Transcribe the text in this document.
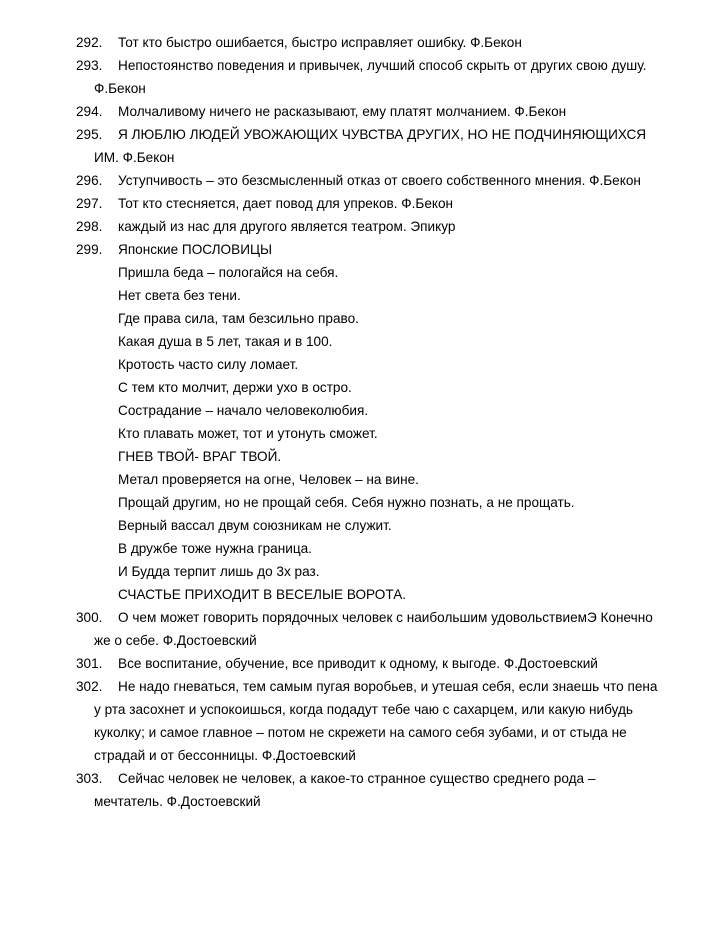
292. Тот кто быстро ошибается, быстро исправляет ошибку. Ф.Бекон
293. Непостоянство поведения и привычек, лучший способ скрыть от других свою душу.
Ф.Бекон
294. Молчаливому ничего не расказывают, ему платят молчанием. Ф.Бекон
295. Я ЛЮБЛЮ ЛЮДЕЙ УВОЖАЮЩИХ ЧУВСТВА ДРУГИХ, НО НЕ ПОДЧИНЯЮЩИХСЯ
ИМ. Ф.Бекон
296. Уступчивость – это безсмысленный отказ от своего собственного мнения. Ф.Бекон
297. Тот кто стесняется, дает повод для упреков. Ф.Бекон
298. каждый из нас для другого является театром. Эпикур
299. Японские ПОСЛОВИЦЫ
Пришла беда – пологайся на себя.
Нет света без тени.
Где права сила, там безсильно право.
Какая душа в 5 лет, такая и в 100.
Кротость часто силу ломает.
С тем кто молчит, держи ухо в остро.
Сострадание – начало человеколюбия.
Кто плавать может, тот и утонуть сможет.
ГНЕВ ТВОЙ- ВРАГ ТВОЙ.
Метал проверяется на огне, Человек – на вине.
Прощай другим, но не прощай себя. Себя нужно познать, а не прощать.
Верный вассал двум союзникам не служит.
В дружбе тоже нужна граница.
И Будда терпит лишь до 3х раз.
СЧАСТЬЕ ПРИХОДИТ В ВЕСЕЛЫЕ ВОРОТА.
300. О чем может говорить порядочных человек с наибольшим удовольствиемЭ Конечно
же о себе. Ф.Достоевский
301. Все воспитание, обучение, все приводит к одному, к выгоде. Ф.Достоевский
302. Не надо гневаться, тем самым пугая воробьев, и утешая себя, если знаешь что пена
у рта засохнет и успокоишься, когда подадут тебе чаю с сахарцем, или какую нибудь
куколку; и самое главное – потом не скрежети на самого себя зубами, и от стыда не
страдай и от бессонницы. Ф.Достоевский
303. Сейчас человек не человек, а какое-то странное существо среднего рода –
мечтатель. Ф.Достоевский
